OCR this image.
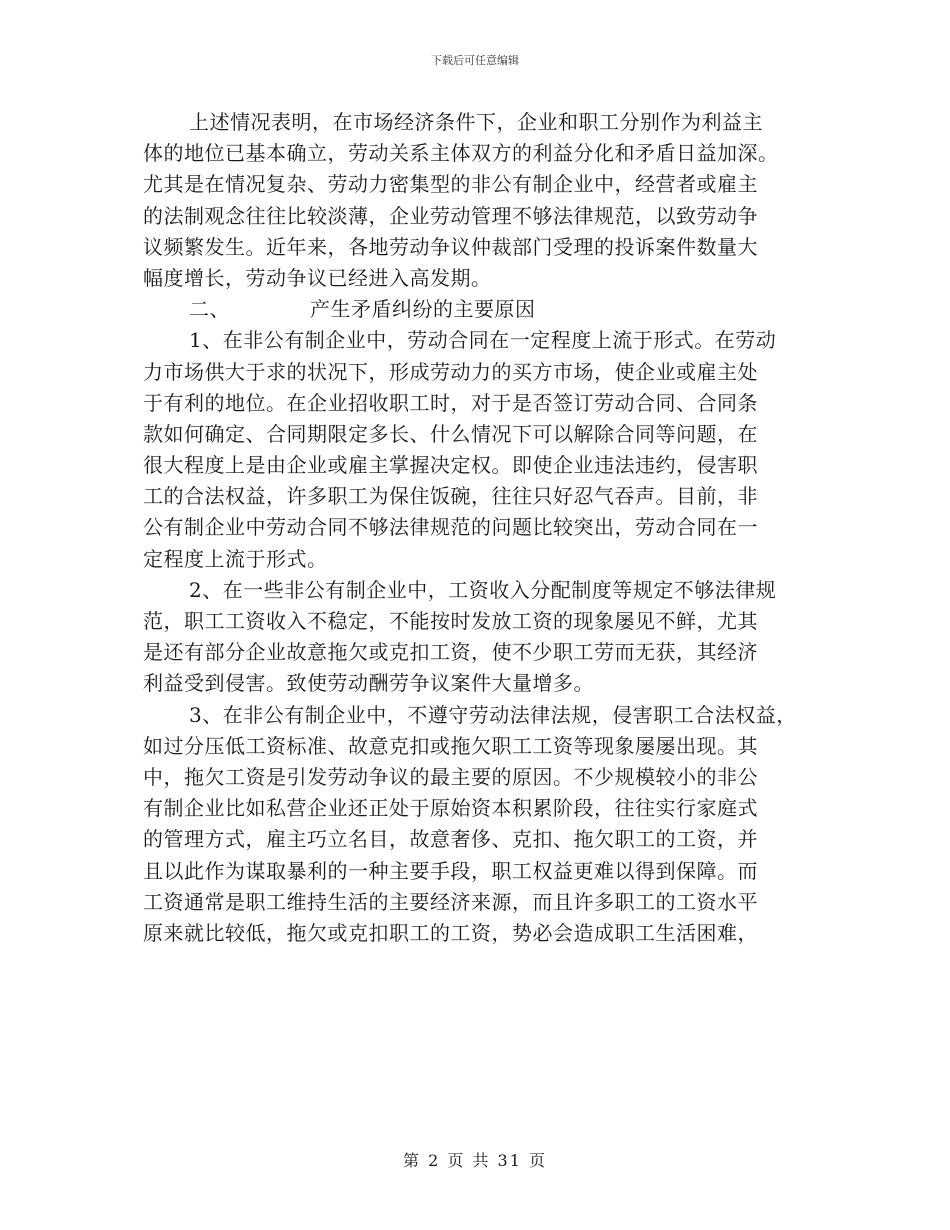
下载后可任意编辑
上述情况表明，在市场经济条件下，企业和职工分别作为利益主
体的地位已基本确立，劳动关系主体双方的利益分化和矛盾日益加深。
尤其是在情况复杂、劳动力密集型的非公有制企业中，经营者或雇主
的法制观念往往比较淡薄，企业劳动管理不够法律规范，以致劳动争
议频繁发生。近年来，各地劳动争议仲裁部门受理的投诉案件数量大
幅度增长，劳动争议已经进入高发期。
二、	产生矛盾纠纷的主要原因
1、在非公有制企业中，劳动合同在一定程度上流于形式。在劳动
力市场供大于求的状况下，形成劳动力的买方市场，使企业或雇主处
于有利的地位。在企业招收职工时，对于是否签订劳动合同、合同条
款如何确定、合同期限定多长、什么情况下可以解除合同等问题，在
很大程度上是由企业或雇主掌握决定权。即使企业违法违约，侵害职
工的合法权益，许多职工为保住饭碗，往往只好忍气吞声。目前，非
公有制企业中劳动合同不够法律规范的问题比较突出，劳动合同在一
定程度上流于形式。
2、在一些非公有制企业中，工资收入分配制度等规定不够法律规
范，职工工资收入不稳定，不能按时发放工资的现象屡见不鲜，尤其
是还有部分企业故意拖欠或克扣工资，使不少职工劳而无获，其经济
利益受到侵害。致使劳动酬劳争议案件大量增多。
3、在非公有制企业中，不遵守劳动法律法规，侵害职工合法权益，
如过分压低工资标准、故意克扣或拖欠职工工资等现象屡屡出现。其
中，拖欠工资是引发劳动争议的最主要的原因。不少规模较小的非公
有制企业比如私营企业还正处于原始资本积累阶段，往往实行家庭式
的管理方式，雇主巧立名目，故意奢侈、克扣、拖欠职工的工资，并
且以此作为谋取暴利的一种主要手段，职工权益更难以得到保障。而
工资通常是职工维持生活的主要经济来源，而且许多职工的工资水平
原来就比较低，拖欠或克扣职工的工资，势必会造成职工生活困难，
第 2 页 共 31 页
